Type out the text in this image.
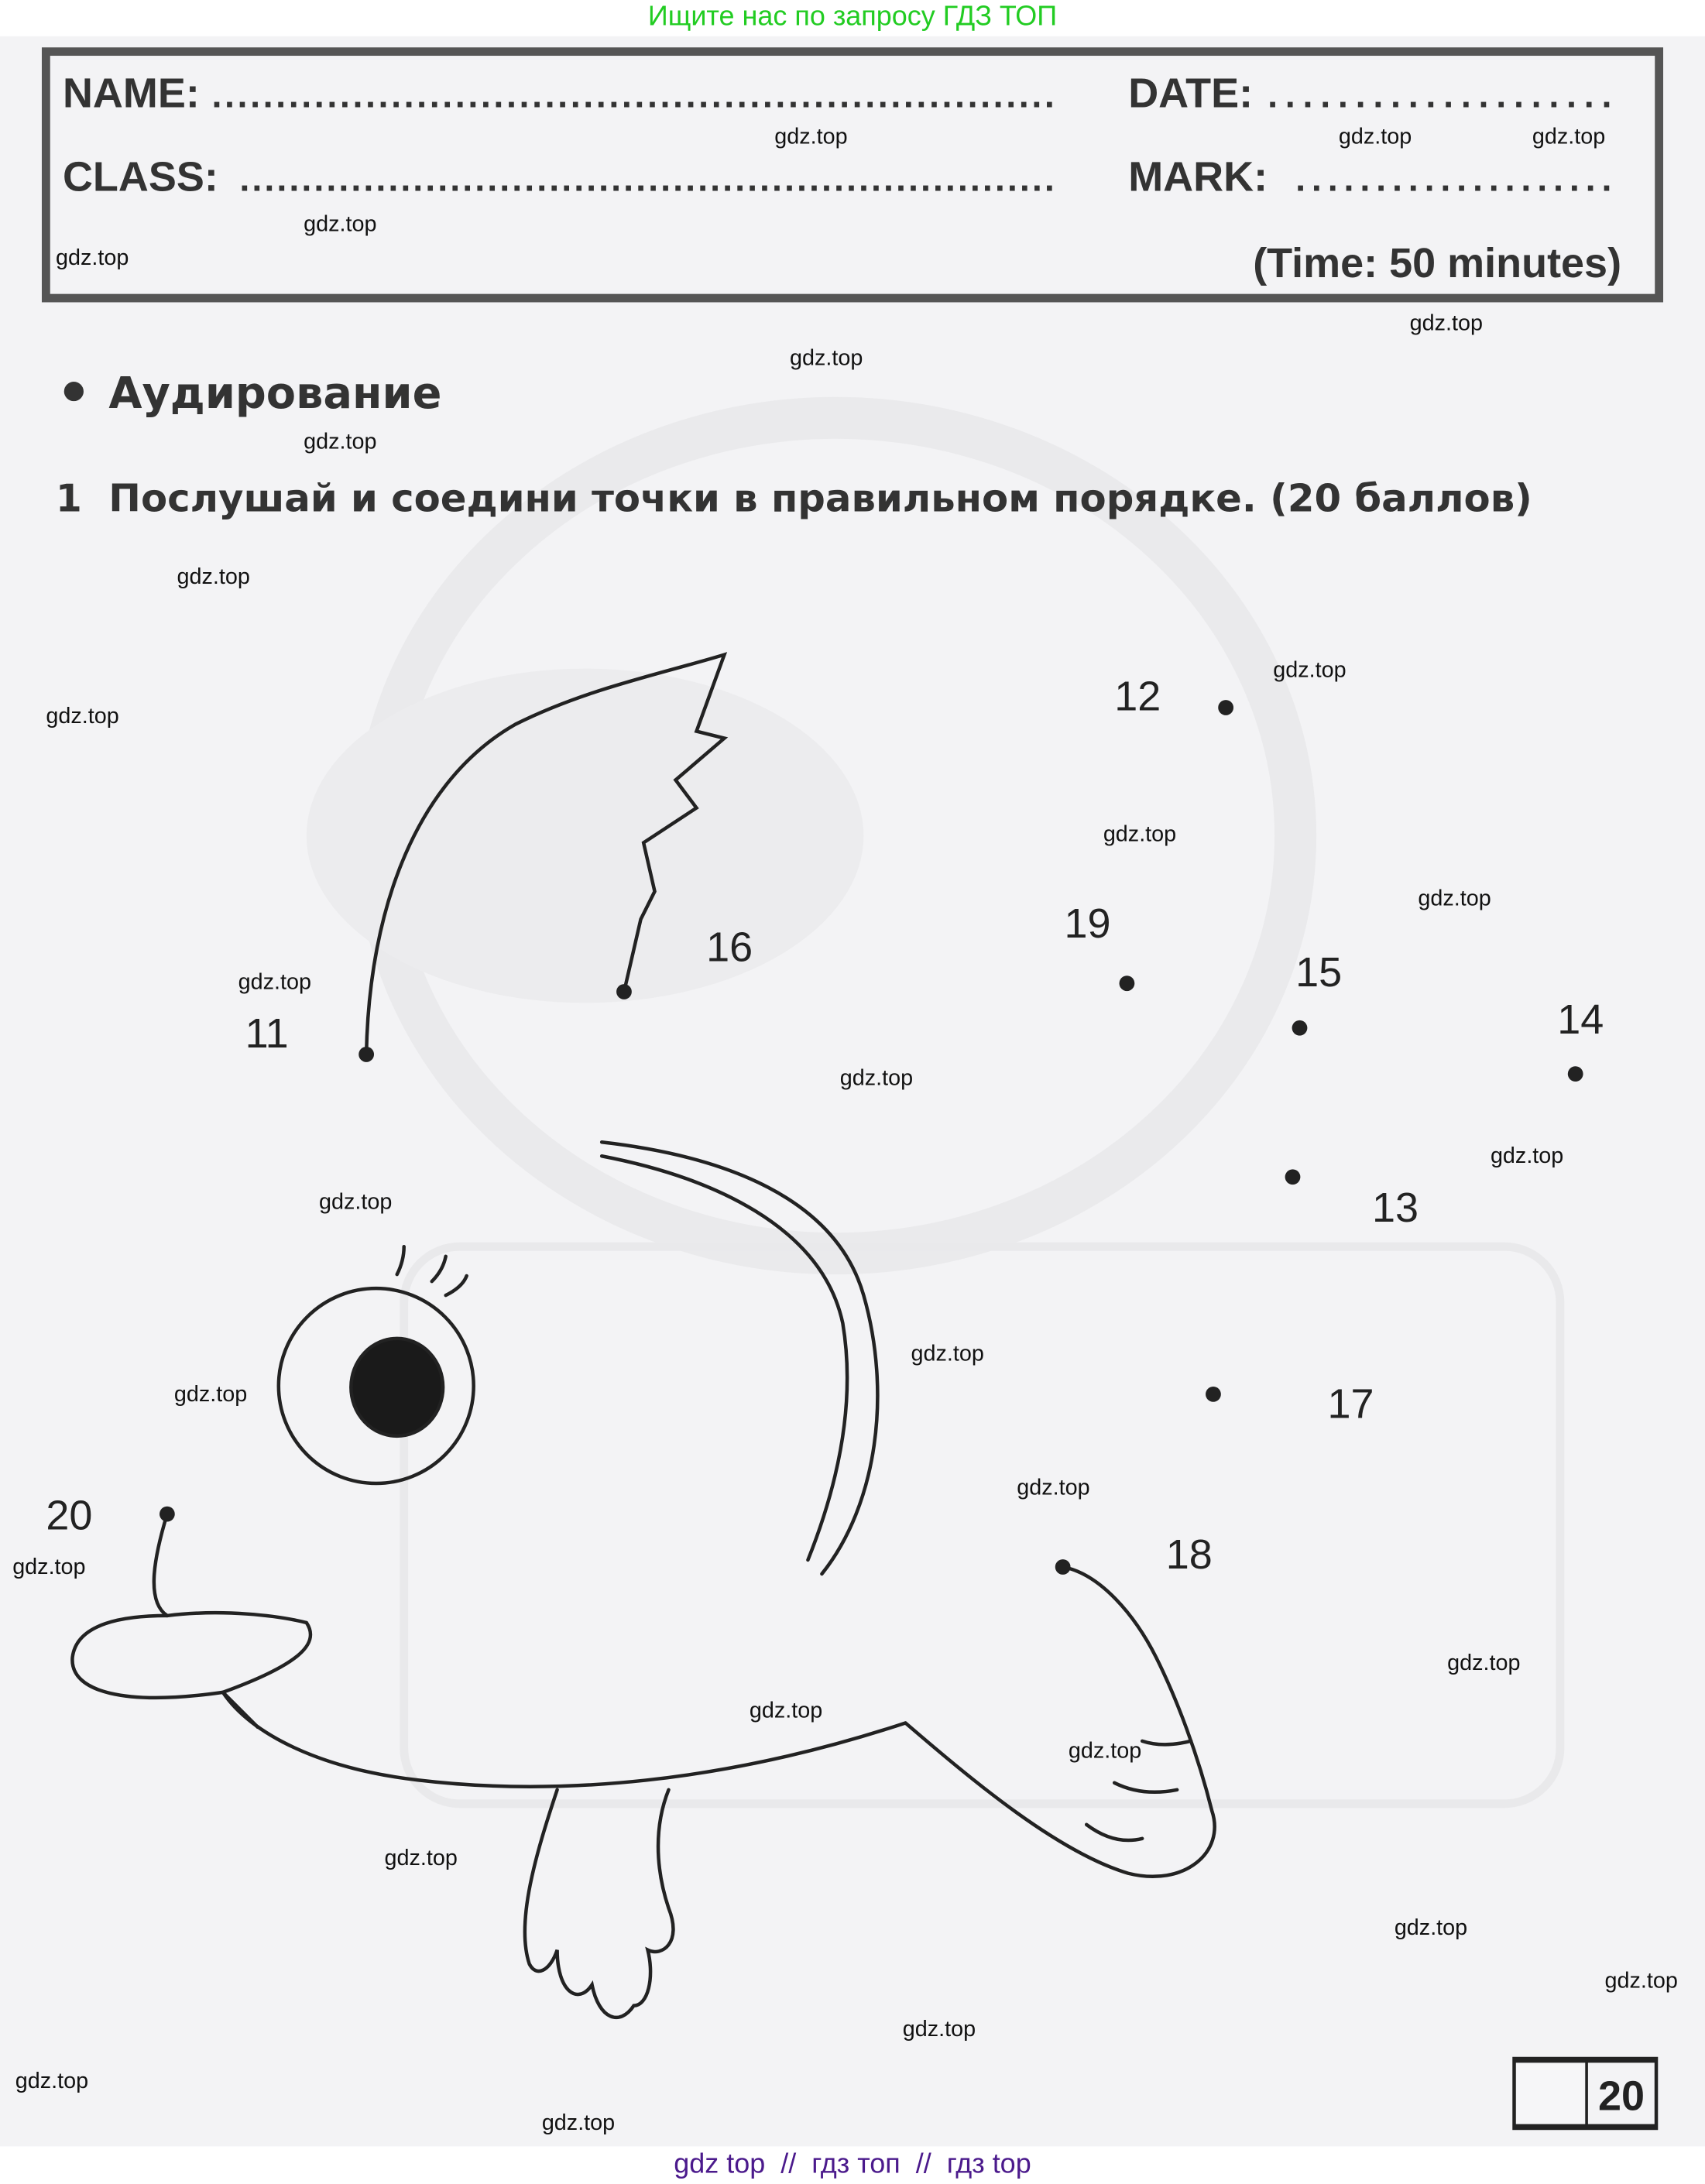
Ищите нас по запросу ГДЗ ТОП
NAME: ..................................................................	DATE: ....................
CLASS: ..................................................................	MARK: ....................
(Time: 50 minutes)
Аудирование
1 Послушай и соедини точки в правильном порядке. (20 баллов)
11
12
13
14
15
16
17
18
19
20
20
gdz.top
gdz.top	gdz.top
gdz.top
gdz.top
gdz.top
gdz.top
gdz.top
gdz.top
gdz.top
gdz.top
gdz.top
gdz.top
gdz.top
gdz.top
gdz.top
gdz.top
gdz.top
gdz.top
gdz.top
gdz.top
gdz.top
gdz.top
gdz.top
gdz.top
gdz.top
gdz.top
gdz.top
gdz.top
gdz.top
gdz top  //  гдз топ  //  гдз top
